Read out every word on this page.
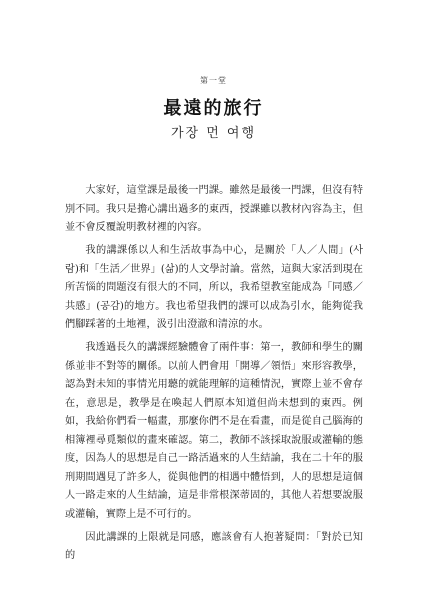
第一堂
最遠的旅行
가장 먼 여행

大家好，這堂課是最後一門課。雖然是最後一門課，但沒有特別不同。我只是擔心講出過多的東西，授課雖以教材內容為主，但並不會反覆說明教材裡的內容。

我的講課係以人和生活故事為中心，是關於「人／人間」(사람)和「生活／世界」(삶)的人文學討論。當然，這與大家活到現在所苦惱的問題沒有很大的不同，所以，我希望教室能成為「同感／共感」(공감)的地方。我也希望我們的課可以成為引水，能夠從我們腳踩著的土地裡，汲引出澄澈和清涼的水。

我透過長久的講課經驗體會了兩件事：第一，教師和學生的關係並非不對等的關係。以前人們會用「開導／領悟」來形容教學，認為對未知的事情光用聽的就能理解的這種情況，實際上並不會存在，意思是，教學是在喚起人們原本知道但尚未想到的東西。例如，我給你們看一幅畫，那麼你們不是在看畫，而是從自己腦海的相簿裡尋覓類似的畫來確認。第二，教師不該採取說服或灌輸的態度，因為人的思想是自己一路活過來的人生結論，我在二十年的服刑期間遇見了許多人，從與他們的相遇中體悟到，人的思想是這個人一路走來的人生結論，這是非常根深蒂固的，其他人若想要說服或灌輸，實際上是不可行的。

因此講課的上限就是同感，應該會有人抱著疑問：「對於已知的
